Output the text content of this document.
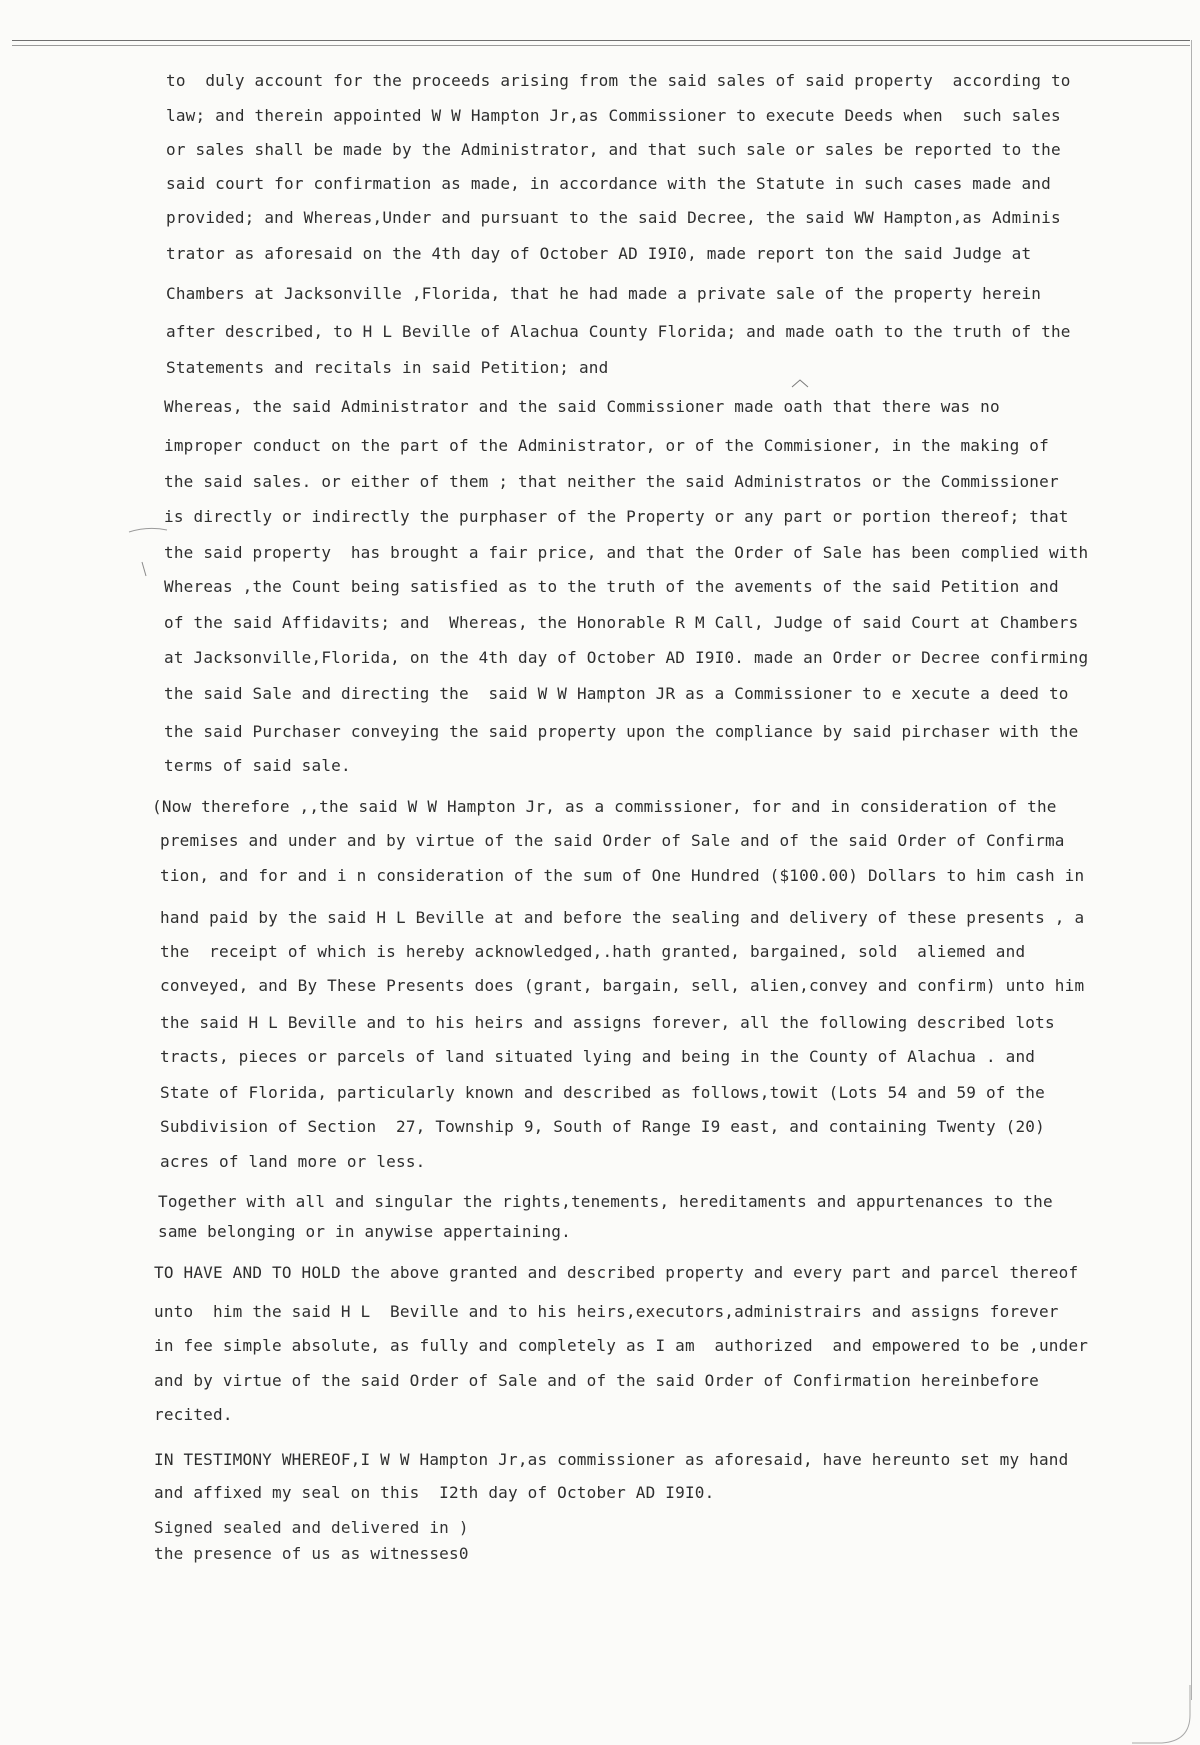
to  duly account for the proceeds arising from the said sales of said property  according to
law; and therein appointed W W Hampton Jr,as Commissioner to execute Deeds when  such sales
or sales shall be made by the Administrator, and that such sale or sales be reported to the
said court for confirmation as made, in accordance with the Statute in such cases made and
provided; and Whereas,Under and pursuant to the said Decree, the said WW Hampton,as Adminis
trator as aforesaid on the 4th day of October AD I9I0, made report ton the said Judge at
Chambers at Jacksonville ,Florida, that he had made a private sale of the property herein
after described, to H L Beville of Alachua County Florida; and made oath to the truth of the
Statements and recitals in said Petition; and
Whereas, the said Administrator and the said Commissioner made oath that there was no
improper conduct on the part of the Administrator, or of the Commisioner, in the making of
the said sales. or either of them ; that neither the said Administratos or the Commissioner
is directly or indirectly the purphaser of the Property or any part or portion thereof; that
the said property  has brought a fair price, and that the Order of Sale has been complied with
Whereas ,the Count being satisfied as to the truth of the avements of the said Petition and
of the said Affidavits; and  Whereas, the Honorable R M Call, Judge of said Court at Chambers
at Jacksonville,Florida, on the 4th day of October AD I9I0. made an Order or Decree confirming
the said Sale and directing the  said W W Hampton JR as a Commissioner to e xecute a deed to
the said Purchaser conveying the said property upon the compliance by said pirchaser with the
terms of said sale.
(Now therefore ,,the said W W Hampton Jr, as a commissioner, for and in consideration of the
premises and under and by virtue of the said Order of Sale and of the said Order of Confirma
tion, and for and i n consideration of the sum of One Hundred ($100.00) Dollars to him cash in
hand paid by the said H L Beville at and before the sealing and delivery of these presents , a
the  receipt of which is hereby acknowledged,.hath granted, bargained, sold  aliemed and
conveyed, and By These Presents does (grant, bargain, sell, alien,convey and confirm) unto him
the said H L Beville and to his heirs and assigns forever, all the following described lots
tracts, pieces or parcels of land situated lying and being in the County of Alachua . and
State of Florida, particularly known and described as follows,towit (Lots 54 and 59 of the
Subdivision of Section  27, Township 9, South of Range I9 east, and containing Twenty (20)
acres of land more or less.
Together with all and singular the rights,tenements, hereditaments and appurtenances to the
same belonging or in anywise appertaining.
TO HAVE AND TO HOLD the above granted and described property and every part and parcel thereof
unto  him the said H L  Beville and to his heirs,executors,administrairs and assigns forever
in fee simple absolute, as fully and completely as I am  authorized  and empowered to be ,under
and by virtue of the said Order of Sale and of the said Order of Confirmation hereinbefore
recited.
IN TESTIMONY WHEREOF,I W W Hampton Jr,as commissioner as aforesaid, have hereunto set my hand
and affixed my seal on this  I2th day of October AD I9I0.
Signed sealed and delivered in )
the presence of us as witnesses0
